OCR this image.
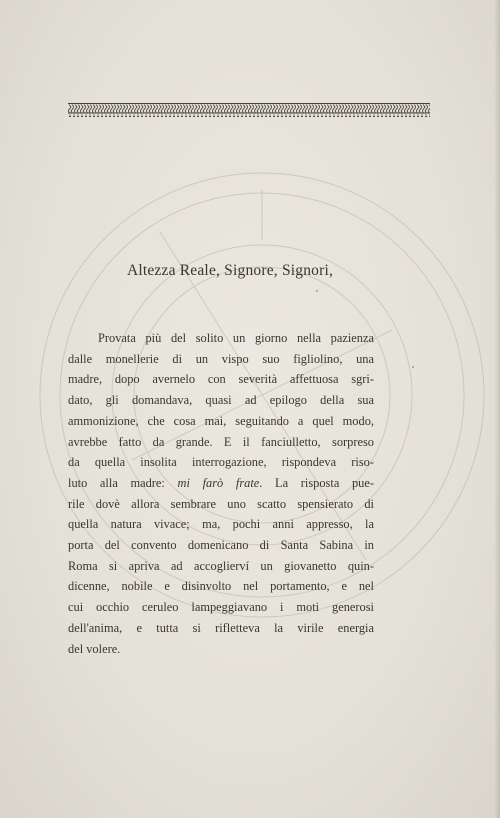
Altezza Reale, Signore, Signori,
Provata più del solito un giorno nella pazienza
dalle monellerie di un vispo suo figliolino, una
madre, dopo avernelo con severità affettuosa sgri-
dato, gli domandava, quasi ad epilogo della sua
ammonizione, che cosa mai, seguitando a quel modo,
avrebbe fatto da grande. E il fanciulletto, sorpreso
da quella insolita interrogazione, rispondeva riso-
luto alla madre: mi farò frate. La risposta pue-
rile dovè allora sembrare uno scatto spensierato di
quella natura vivace; ma, pochi anni appresso, la
porta del convento domenicano di Santa Sabina in
Roma si apriva ad accoglierví un giovanetto quin-
dicenne, nobile e disinvolto nel portamento, e nel
cui occhio ceruleo lampeggiavano i moti generosi
dell'anima, e tutta si rifletteva la virile energia
del volere.
